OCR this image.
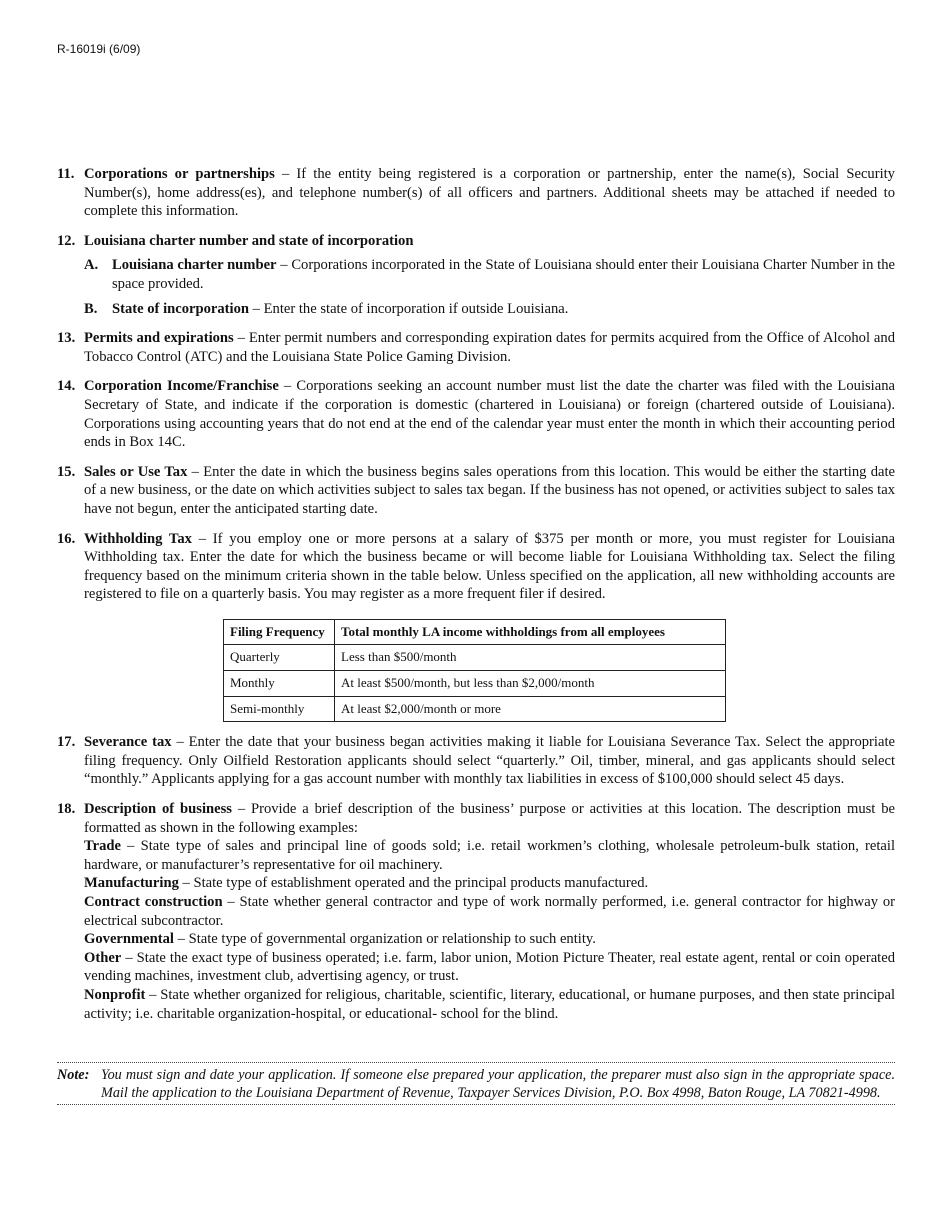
R-16019i (6/09)
11. Corporations or partnerships – If the entity being registered is a corporation or partnership, enter the name(s), Social Security Number(s), home address(es), and telephone number(s) of all officers and partners. Additional sheets may be attached if needed to complete this information.

12. Louisiana charter number and state of incorporation

A. Louisiana charter number – Corporations incorporated in the State of Louisiana should enter their Louisiana Charter Number in the space provided.
B. State of incorporation – Enter the state of incorporation if outside Louisiana.
13. Permits and expirations – Enter permit numbers and corresponding expiration dates for permits acquired from the Office of Alcohol and Tobacco Control (ATC) and the Louisiana State Police Gaming Division.

14. Corporation Income/Franchise – Corporations seeking an account number must list the date the charter was filed with the Louisiana Secretary of State, and indicate if the corporation is domestic (chartered in Louisiana) or foreign (chartered outside of Louisiana). Corporations using accounting years that do not end at the end of the calendar year must enter the month in which their accounting period ends in Box 14C.

15. Sales or Use Tax – Enter the date in which the business begins sales operations from this location. This would be either the starting date of a new business, or the date on which activities subject to sales tax began. If the business has not opened, or activities subject to sales tax have not begun, enter the anticipated starting date.

16. Withholding Tax – If you employ one or more persons at a salary of $375 per month or more, you must register for Louisiana Withholding tax. Enter the date for which the business became or will become liable for Louisiana Withholding tax. Select the filing frequency based on the minimum criteria shown in the table below. Unless specified on the application, all new withholding accounts are registered to file on a quarterly basis. You may register as a more frequent filer if desired.

Filing Frequency	Total monthly LA income withholdings from all employees
Quarterly	Less than $500/month
Monthly	At least $500/month, but less than $2,000/month
Semi-monthly	At least $2,000/month or more
17. Severance tax – Enter the date that your business began activities making it liable for Louisiana Severance Tax. Select the appropriate filing frequency. Only Oilfield Restoration applicants should select “quarterly.” Oil, timber, mineral, and gas applicants should select “monthly.” Applicants applying for a gas account number with monthly tax liabilities in excess of $100,000 should select 45 days.

18. Description of business – Provide a brief description of the business’ purpose or activities at this location. The description must be formatted as shown in the following examples:

Trade – State type of sales and principal line of goods sold; i.e. retail workmen’s clothing, wholesale petroleum-bulk station, retail hardware, or manufacturer’s representative for oil machinery.

Manufacturing – State type of establishment operated and the principal products manufactured.

Contract construction – State whether general contractor and type of work normally performed, i.e. general contractor for highway or electrical subcontractor.

Governmental – State type of governmental organization or relationship to such entity.

Other – State the exact type of business operated; i.e. farm, labor union, Motion Picture Theater, real estate agent, rental or coin operated vending machines, investment club, advertising agency, or trust.

Nonprofit – State whether organized for religious, charitable, scientific, literary, educational, or humane purposes, and then state principal activity; i.e. charitable organization-hospital, or educational- school for the blind.

Note: You must sign and date your application. If someone else prepared your application, the preparer must also sign in the appropriate space. Mail the application to the Louisiana Department of Revenue, Taxpayer Services Division, P.O. Box 4998, Baton Rouge, LA 70821-4998.
